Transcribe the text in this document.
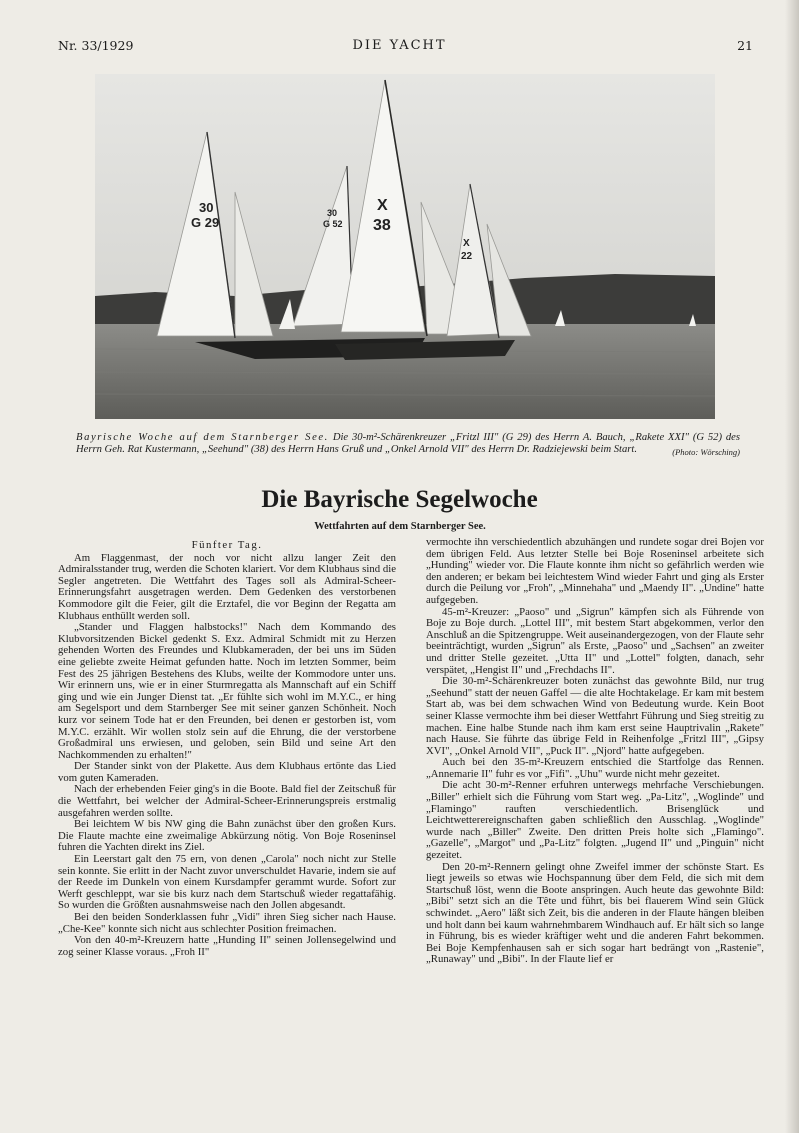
Nr. 33/1929	DIE YACHT	21
30
G 29
30
G 52
X
38
X
22
Bayrische Woche auf dem Starnberger See. Die 30-m²-Schärenkreuzer „Fritzl III" (G 29) des Herrn A. Bauch, „Rakete XXI" (G 52) des Herrn Geh. Rat Kustermann, „Seehund" (38) des Herrn Hans Gruß und „Onkel Arnold VII" des Herrn Dr. Radziejewski beim Start.	(Photo: Wörsching)
Die Bayrische Segelwoche
Wettfahrten auf dem Starnberger See.
Fünfter Tag.

Am Flaggenmast, der noch vor nicht allzu langer Zeit den Admiralsstander trug, werden die Schoten klariert. Vor dem Klubhaus sind die Segler angetreten. Die Wettfahrt des Tages soll als Admiral-Scheer-Erinnerungsfahrt ausgetragen werden. Dem Gedenken des verstorbenen Kommodore gilt die Feier, gilt die Erztafel, die vor Beginn der Regatta am Klubhaus enthüllt werden soll.

„Stander und Flaggen halbstocks!" Nach dem Kommando des Klubvorsitzenden Bickel gedenkt S. Exz. Admiral Schmidt mit zu Herzen gehenden Worten des Freundes und Klubkameraden, der bei uns im Süden eine geliebte zweite Heimat gefunden hatte. Noch im letzten Sommer, beim Fest des 25 jährigen Bestehens des Klubs, weilte der Kommodore unter uns. Wir erinnern uns, wie er in einer Sturmregatta als Mannschaft auf ein Schiff ging und wie ein Junger Dienst tat. „Er fühlte sich wohl im M.Y.C., er hing am Segelsport und dem Starnberger See mit seiner ganzen Schönheit. Noch kurz vor seinem Tode hat er den Freunden, bei denen er gestorben ist, vom M.Y.C. erzählt. Wir wollen stolz sein auf die Ehrung, die der verstorbene Großadmiral uns erwiesen, und geloben, sein Bild und seine Art den Nachkommenden zu erhalten!"

Der Stander sinkt von der Plakette. Aus dem Klubhaus ertönte das Lied vom guten Kameraden.

Nach der erhebenden Feier ging's in die Boote. Bald fiel der Zeitschuß für die Wettfahrt, bei welcher der Admiral-Scheer-Erinnerungspreis erstmalig ausgefahren werden sollte.

Bei leichtem W bis NW ging die Bahn zunächst über den großen Kurs. Die Flaute machte eine zweimalige Abkürzung nötig. Von Boje Roseninsel fuhren die Yachten direkt ins Ziel.

Ein Leerstart galt den 75 ern, von denen „Carola" noch nicht zur Stelle sein konnte. Sie erlitt in der Nacht zuvor unverschuldet Havarie, indem sie auf der Reede im Dunkeln von einem Kursdampfer gerammt wurde. Sofort zur Werft geschleppt, war sie bis kurz nach dem Startschuß wieder regattafähig. So wurden die Größten ausnahmsweise nach den Jollen abgesandt.

Bei den beiden Sonderklassen fuhr „Vidi" ihren Sieg sicher nach Hause. „Che-Kee" konnte sich nicht aus schlechter Position freimachen.

Von den 40-m²-Kreuzern hatte „Hunding II" seinen Jollensegelwind und zog seiner Klasse voraus. „Froh II"

vermochte ihn verschiedentlich abzuhängen und rundete sogar drei Bojen vor dem übrigen Feld. Aus letzter Stelle bei Boje Roseninsel arbeitete sich „Hunding" wieder vor. Die Flaute konnte ihm nicht so gefährlich werden wie den anderen; er bekam bei leichtestem Wind wieder Fahrt und ging als Erster durch die Peilung vor „Froh", „Minnehaha" und „Maendy II". „Undine" hatte aufgegeben.

45-m²-Kreuzer: „Paoso" und „Sigrun" kämpfen sich als Führende von Boje zu Boje durch. „Lottel III", mit bestem Start abgekommen, verlor den Anschluß an die Spitzengruppe. Weit auseinandergezogen, von der Flaute sehr beeinträchtigt, wurden „Sigrun" als Erste, „Paoso" und „Sachsen" an zweiter und dritter Stelle gezeitet. „Utta II" und „Lottel" folgten, danach, sehr verspätet, „Hengist II" und „Frechdachs II".

Die 30-m²-Schärenkreuzer boten zunächst das gewohnte Bild, nur trug „Seehund" statt der neuen Gaffel — die alte Hochtakelage. Er kam mit bestem Start ab, was bei dem schwachen Wind von Bedeutung wurde. Kein Boot seiner Klasse vermochte ihm bei dieser Wettfahrt Führung und Sieg streitig zu machen. Eine halbe Stunde nach ihm kam erst seine Hauptrivalin „Rakete" nach Hause. Sie führte das übrige Feld in Reihenfolge „Fritzl III", „Gipsy XVI", „Onkel Arnold VII", „Puck II". „Njord" hatte aufgegeben.

Auch bei den 35-m²-Kreuzern entschied die Startfolge das Rennen. „Annemarie II" fuhr es vor „Fifi". „Uhu" wurde nicht mehr gezeitet.

Die acht 30-m²-Renner erfuhren unterwegs mehrfache Verschiebungen. „Biller" erhielt sich die Führung vom Start weg. „Pa-Litz", „Woglinde" und „Flamingo" rauften verschiedentlich. Brisenglück und Leichtwetterereignschaften gaben schließlich den Ausschlag. „Woglinde" wurde nach „Biller" Zweite. Den dritten Preis holte sich „Flamingo". „Gazelle", „Margot" und „Pa-Litz" folgten. „Jugend II" und „Pinguin" nicht gezeitet.

Den 20-m²-Rennern gelingt ohne Zweifel immer der schönste Start. Es liegt jeweils so etwas wie Hochspannung über dem Feld, die sich mit dem Startschuß löst, wenn die Boote anspringen. Auch heute das gewohnte Bild: „Bibi" setzt sich an die Tête und führt, bis bei flauerem Wind sein Glück schwindet. „Aero" läßt sich Zeit, bis die anderen in der Flaute hängen bleiben und holt dann bei kaum wahrnehmbarem Windhauch auf. Er hält sich so lange in Führung, bis es wieder kräftiger weht und die anderen Fahrt bekommen. Bei Boje Kempfenhausen sah er sich sogar hart bedrängt von „Rastenie", „Runaway" und „Bibi". In der Flaute lief er
